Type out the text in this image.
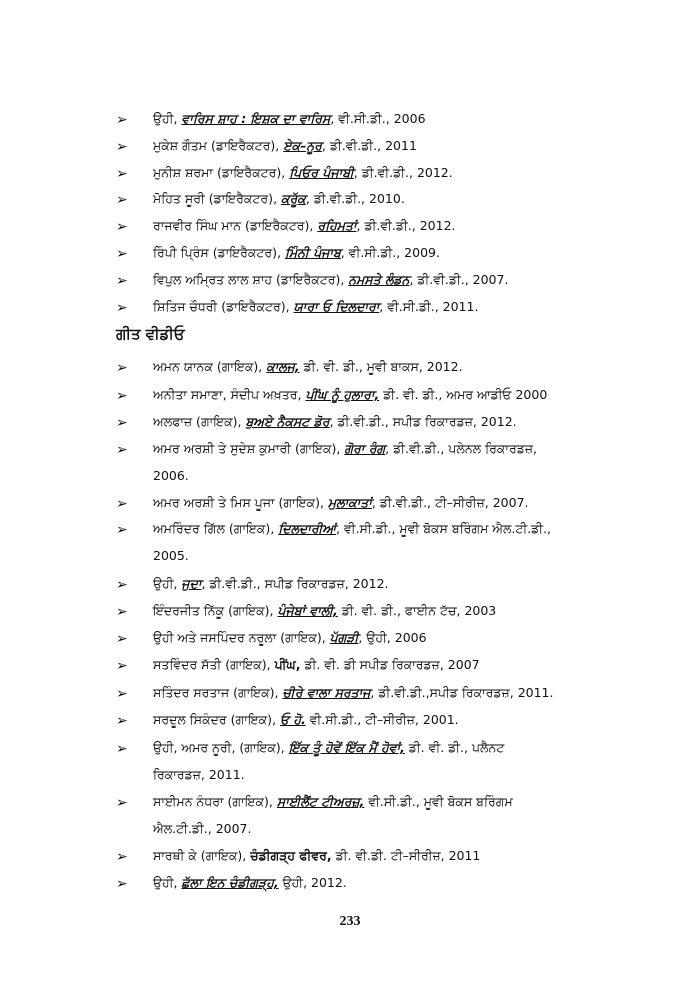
➢ ਉਹੀ, ਵਾਰਿਸ ਸ਼ਾਹ : ਇਸ਼ਕ ਦਾ ਵਾਰਿਸ, ਵੀ.ਸੀ.ਡੀ., 2006
➢ ਮੁਕੇਸ਼ ਗੌਤਮ (ਡਾਇਰੈਕਟਰ), ਏਕ–ਨੂਰ, ਡੀ.ਵੀ.ਡੀ., 2011
➢ ਮੁਨੀਸ਼ ਸ਼ਰਮਾ (ਡਾਇਰੈਕਟਰ), ਪਿਓਰ ਪੰਜਾਬੀ, ਡੀ.ਵੀ.ਡੀ., 2012.
➢ ਮੋਹਿਤ ਸੂਰੀ (ਡਾਇਰੈਕਟਰ), ਕਰੂੱਕ, ਡੀ.ਵੀ.ਡੀ., 2010.
➢ ਰਾਜਵੀਰ ਸਿੰਘ ਮਾਨ (ਡਾਇਰੈਕਟਰ), ਰਹਿਮਤਾਂ, ਡੀ.ਵੀ.ਡੀ., 2012.
➢ ਰਿੰਪੀ ਪ੍ਰਿੰਸ (ਡਾਇਰੈਕਟਰ), ਮਿੰਨੀ ਪੰਜਾਬ, ਵੀ.ਸੀ.ਡੀ., 2009.
➢ ਵਿਪੁਲ ਅਮ੍ਰਿਤ ਲਾਲ ਸ਼ਾਹ (ਡਾਇਰੈਕਟਰ), ਨਮਸਤੇ ਲੰਡਨ, ਡੀ.ਵੀ.ਡੀ., 2007.
➢ ਸ਼ਿਤਿਜ ਚੌਧਰੀ (ਡਾਇਰੈਕਟਰ), ਯਾਰਾ ਓ ਦਿਲਦਾਰਾ, ਵੀ.ਸੀ.ਡੀ., 2011.
ਗੀਤ ਵੀਡੀਓ
➢ ਅਮਨ ਯਾਨਕ (ਗਾਇਕ), ਕਾਲਜ, ਡੀ. ਵੀ. ਡੀ., ਮੂਵੀ ਬਾਕਸ, 2012.
➢ ਅਨੀਤਾ ਸਮਾਣਾ, ਸੰਦੀਪ ਅਖ਼ਤਰ, ਪੀਂਘ ਨੂੰ ਹੁਲਾਰਾ, ਡੀ. ਵੀ. ਡੀ., ਅਮਰ ਆਡੀਓ 2000
➢ ਅਲਫਾਜ਼ (ਗਾਇਕ), ਬੁਅਏ ਨੈਕਸਟ ਡੋਰ, ਡੀ.ਵੀ.ਡੀ., ਸਪੀਡ ਰਿਕਾਰਡਜ਼, 2012.
➢ ਅਮਰ ਅਰਸ਼ੀ ਤੇ ਸੁਦੇਸ਼ ਕੁਮਾਰੀ (ਗਾਇਕ), ਗੋਰਾ ਰੰਗ, ਡੀ.ਵੀ.ਡੀ., ਪਲੇਨਲ ਰਿਕਾਰਡਜ਼,
2006.
➢ ਅਮਰ ਅਰਸ਼ੀ ਤੇ ਮਿਸ ਪੂਜਾ (ਗਾਇਕ), ਮੁਲਾਕਾਤਾਂ, ਡੀ.ਵੀ.ਡੀ., ਟੀ–ਸੀਰੀਜ਼, 2007.
➢ ਅਮਰਿੰਦਰ ਗਿੱਲ (ਗਾਇਕ), ਦਿਲਦਾਰੀਆਂ, ਵੀ.ਸੀ.ਡੀ., ਮੂਵੀ ਬੋਕਸ ਬਰਿੰਗਮ ਐਲ.ਟੀ.ਡੀ.,
2005.
➢ ਉਹੀ, ਜੁਦਾ, ਡੀ.ਵੀ.ਡੀ., ਸਪੀਡ ਰਿਕਾਰਡਜ਼, 2012.
➢ ਇੰਦਰਜੀਤ ਨਿੱਕੂ (ਗਾਇਕ), ਪੰਜੇਬਾਂ ਵਾਲੀ, ਡੀ. ਵੀ. ਡੀ., ਫਾਈਨ ਟੱਚ, 2003
➢ ਉਹੀ ਅਤੇ ਜਸਪਿੰਦਰ ਨਰੂਲਾ (ਗਾਇਕ), ਪੱਗੜੀ, ਉਹੀ, 2006
➢ ਸਤਵਿੰਦਰ ਸੱਤੀ (ਗਾਇਕ), ਪੀਂਘ, ਡੀ. ਵੀ. ਡੀ ਸਪੀਡ ਰਿਕਾਰਡਜ਼, 2007
➢ ਸਤਿੰਦਰ ਸਰਤਾਜ (ਗਾਇਕ), ਚੀਰੇ ਵਾਲਾ ਸਰਤਾਜ, ਡੀ.ਵੀ.ਡੀ.,ਸਪੀਡ ਰਿਕਾਰਡਜ਼, 2011.
➢ ਸਰਦੂਲ ਸਿਕੰਦਰ (ਗਾਇਕ), ਓ ਹੋ. ਵੀ.ਸੀ.ਡੀ., ਟੀ–ਸੀਰੀਜ਼, 2001.
➢ ਉਹੀ, ਅਮਰ ਨੂਰੀ, (ਗਾਇਕ), ਇੱਕ ਤੂੰ ਹੋਵੇਂ ਇੱਕ ਮੈਂ ਹੋਵਾਂ, ਡੀ. ਵੀ. ਡੀ., ਪਲੈਨਟ
ਰਿਕਾਰਡਜ਼, 2011.
➢ ਸਾਈਮਨ ਨੰਧਰਾ (ਗਾਇਕ), ਸਾਈਲੈਂਟ ਟੀਅਰਜ਼, ਵੀ.ਸੀ.ਡੀ., ਮੂਵੀ ਬੋਕਸ ਬਰਿੰਗਮ
ਐਲ.ਟੀ.ਡੀ., 2007.
➢ ਸਾਰਥੀ ਕੇ (ਗਾਇਕ), ਚੰਡੀਗੜ੍ਹ ਫੀਵਰ, ਡੀ. ਵੀ.ਡੀ. ਟੀ–ਸੀਰੀਜ਼, 2011
➢ ਉਹੀ, ਛੱਲਾ ਇਨ ਚੰਡੀਗੜ੍ਹ, ਉਹੀ, 2012.
233
